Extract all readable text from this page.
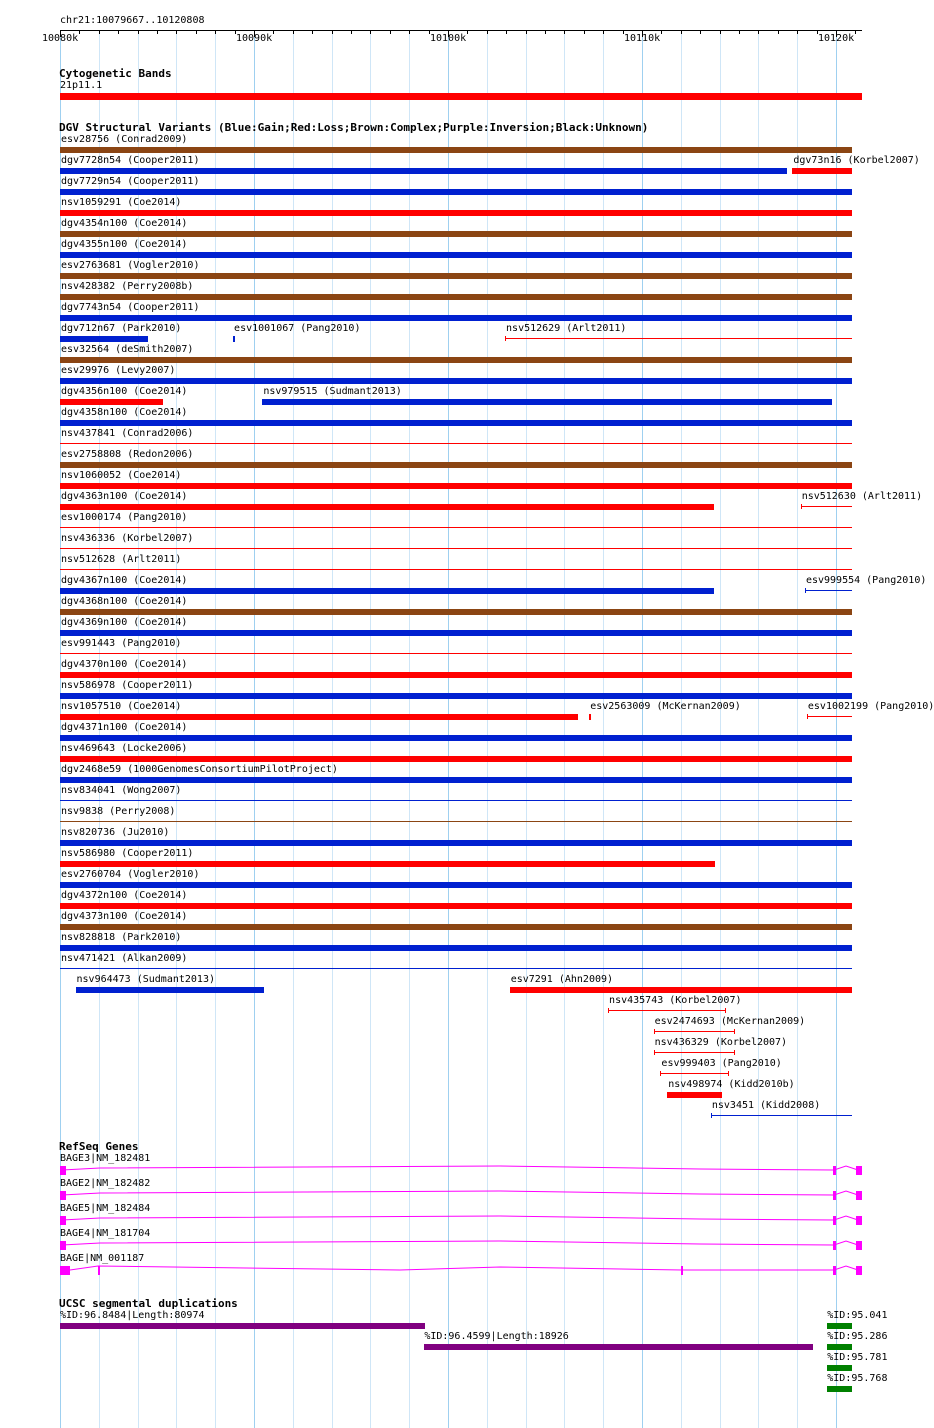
chr21:10079667..10120808
10080k	10090k	10100k	10110k	10120k
Cytogenetic Bands
21p11.1
DGV Structural Variants (Blue:Gain;Red:Loss;Brown:Complex;Purple:Inversion;Black:Unknown)
esv28756 (Conrad2009)
dgv7728n54 (Cooper2011)	dgv73n16 (Korbel2007)
dgv7729n54 (Cooper2011)
nsv1059291 (Coe2014)
dgv4354n100 (Coe2014)
dgv4355n100 (Coe2014)
esv2763681 (Vogler2010)
nsv428382 (Perry2008b)
dgv7743n54 (Cooper2011)
dgv712n67 (Park2010)	esv1001067 (Pang2010)	nsv512629 (Arlt2011)
esv32564 (deSmith2007)
esv29976 (Levy2007)
dgv4356n100 (Coe2014)	nsv979515 (Sudmant2013)
dgv4358n100 (Coe2014)
nsv437841 (Conrad2006)
esv2758808 (Redon2006)
nsv1060052 (Coe2014)
dgv4363n100 (Coe2014)	nsv512630 (Arlt2011)
esv1000174 (Pang2010)
nsv436336 (Korbel2007)
nsv512628 (Arlt2011)
dgv4367n100 (Coe2014)	esv999554 (Pang2010)
dgv4368n100 (Coe2014)
dgv4369n100 (Coe2014)
esv991443 (Pang2010)
dgv4370n100 (Coe2014)
nsv586978 (Cooper2011)
nsv1057510 (Coe2014)	esv2563009 (McKernan2009)	esv1002199 (Pang2010)
dgv4371n100 (Coe2014)
nsv469643 (Locke2006)
dgv2468e59 (1000GenomesConsortiumPilotProject)
nsv834041 (Wong2007)
nsv9838 (Perry2008)
nsv820736 (Ju2010)
nsv586980 (Cooper2011)
esv2760704 (Vogler2010)
dgv4372n100 (Coe2014)
dgv4373n100 (Coe2014)
nsv828818 (Park2010)
nsv471421 (Alkan2009)
nsv964473 (Sudmant2013)	esv7291 (Ahn2009)
nsv435743 (Korbel2007)
esv2474693 (McKernan2009)
nsv436329 (Korbel2007)
esv999403 (Pang2010)
nsv498974 (Kidd2010b)
nsv3451 (Kidd2008)
RefSeq Genes
BAGE3|NM_182481
BAGE2|NM_182482
BAGE5|NM_182484
BAGE4|NM_181704
BAGE|NM_001187
UCSC segmental duplications
%ID:96.8484|Length:80974
%ID:96.4599|Length:18926
%ID:95.041
%ID:95.286
%ID:95.781
%ID:95.768
